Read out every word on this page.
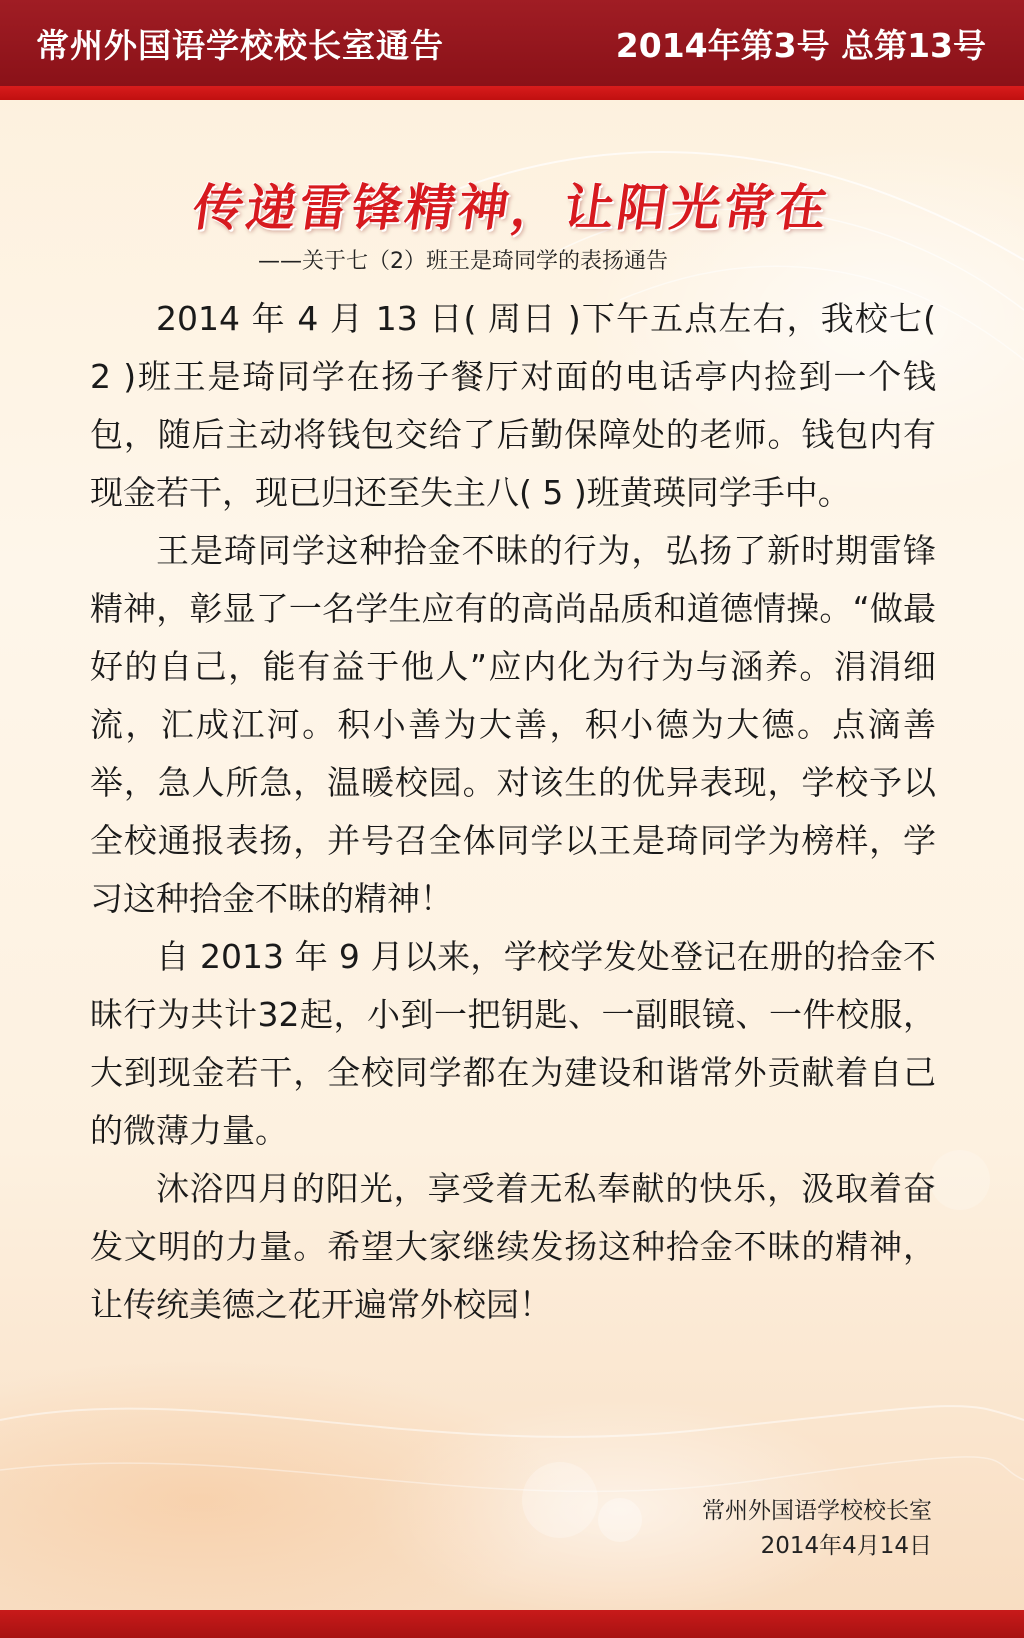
常州外国语学校校长室通告	2014年第3号 总第13号
传递雷锋精神，让阳光常在
——关于七（2）班王是琦同学的表扬通告

2014 年 4 月 13 日( 周日 )下午五点左右，我校七( 2 )班王是琦同学在扬子餐厅对面的电话亭内捡到一个钱包，随后主动将钱包交给了后勤保障处的老师。钱包内有现金若干，现已归还至失主八( 5 )班黄瑛同学手中。

王是琦同学这种拾金不昧的行为，弘扬了新时期雷锋精神，彰显了一名学生应有的高尚品质和道德情操。“做最好的自己，能有益于他人”应内化为行为与涵养。涓涓细流，汇成江河。积小善为大善，积小德为大德。点滴善举，急人所急，温暖校园。对该生的优异表现，学校予以全校通报表扬，并号召全体同学以王是琦同学为榜样，学习这种拾金不昧的精神！

自 2013 年 9 月以来，学校学发处登记在册的拾金不昧行为共计32起，小到一把钥匙、一副眼镜、一件校服，大到现金若干，全校同学都在为建设和谐常外贡献着自己的微薄力量。

沐浴四月的阳光，享受着无私奉献的快乐，汲取着奋发文明的力量。希望大家继续发扬这种拾金不昧的精神，让传统美德之花开遍常外校园！

常州外国语学校校长室
2014年4月14日
